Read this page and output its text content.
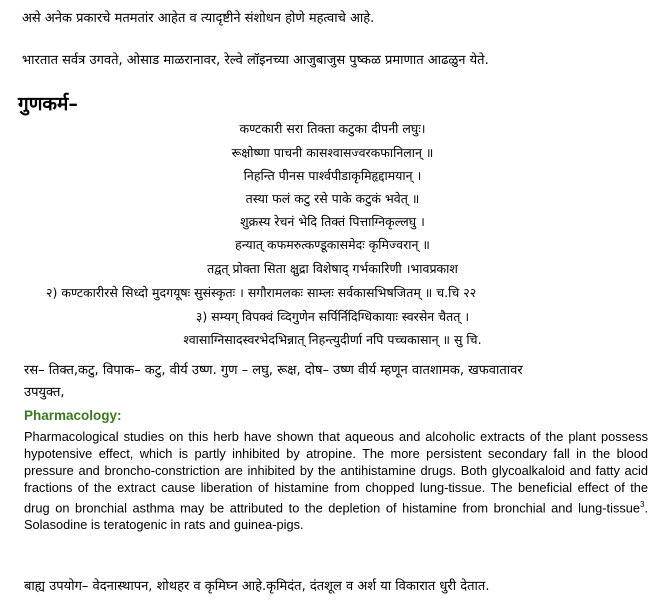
असे अनेक प्रकारचे मतमतांर आहेत व त्यादृष्टीने संशोधन होणे महत्वाचे आहे.
भारतात सर्वत्र उगवते, ओसाड माळरानावर, रेल्वे लॉइनच्या आजुबाजुस पुष्कळ प्रमाणात आढळुन येते.
गुणकर्म–
कण्टकारी सरा तिक्ता कटुका दीपनी लघुः।
रूक्षोष्णा पाचनी कासश्वासज्वरकफानिलान् ॥
निहन्ति पीनस पार्श्वपीडाकृमिहृद्दामयान् ।
तस्या फलं कटु रसे पाके कटुकं भवेत् ॥
शुक्रस्य रेचनं भेदि तिक्तं पित्ताग्निकृल्लघु ।
हन्यात् कफमरुत्कण्डूकासमेदः कृमिज्वरान् ॥
तद्वत् प्रोक्ता सिता क्षुद्रा विशेषाद् गर्भकारिणी ।भावप्रकाश
२) कण्टकारीरसे सिध्दो मुदगयूषः सुसंस्कृतः । सगौरामलकः साम्लः सर्वकासभिषजितम् ॥ च.चि २२
३) सम्यग् विपक्वं व्दिगुणेन सर्पिर्निदिग्धिकायाः स्वरसेन चैतत् ।
श्वासाग्निसादस्वरभेदभिन्नात् निहन्त्युदीर्णा नपि पच्चकासान् ॥ सु चि.
रस– तिक्त,कटु, विपाक– कटु, वीर्य उष्ण. गुण – लघु, रूक्ष, दोष– उष्ण वीर्य म्हणून वातशामक, खफवातावर
उपयुक्त,
Pharmacology:
Pharmacological studies on this herb have shown that aqueous and alcoholic extracts of the plant possess hypotensive effect, which is partly inhibited by atropine. The more persistent secondary fall in the blood pressure and broncho-constriction are inhibited by the antihistamine drugs. Both glycoalkaloid and fatty acid fractions of the extract cause liberation of histamine from chopped lung-tissue. The beneficial effect of the drug on bronchial asthma may be attributed to the depletion of histamine from bronchial and lung-tissue$^3$. Solasodine is teratogenic in rats and guinea-pigs.
बाह्य उपयोग– वेदनास्थापन, शोथहर व कृमिघ्न आहे.कृमिदंत, दंतशूल व अर्श या विकारात धुरी देतात.
